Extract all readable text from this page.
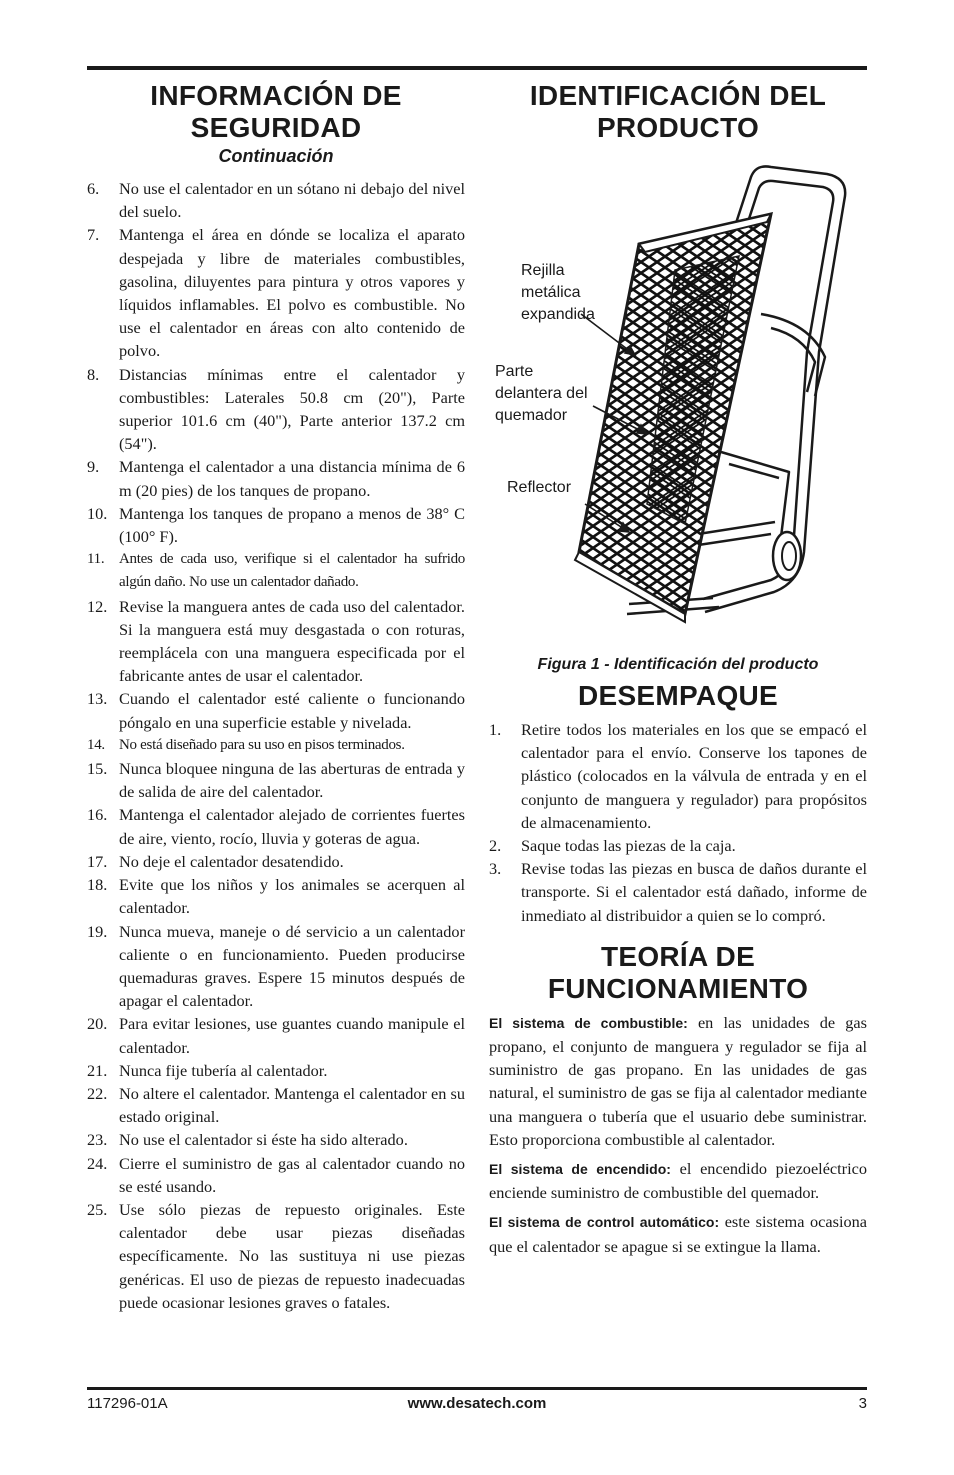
INFORMACIÓN DE
SEGURIDAD
Continuación
6. No use el calentador en un sótano ni debajo del nivel del suelo.
7. Mantenga el área en dónde se localiza el aparato despejada y libre de materiales combustibles, gasolina, diluyentes para pintura y otros vapores y líquidos inflamables. El polvo es combustible. No use el calentador en áreas con alto contenido de polvo.
8. Distancias mínimas entre el calentador y combustibles: Laterales 50.8 cm (20"), Parte superior 101.6 cm (40"), Parte anterior 137.2 cm (54").
9. Mantenga el calentador a una distancia mínima de 6 m (20 pies) de los tanques de propano.
10. Mantenga los tanques de propano a menos de 38° C (100° F).
11. Antes de cada uso, verifique si el calentador ha sufrido algún daño. No use un calentador dañado.
12. Revise la manguera antes de cada uso del calentador. Si la manguera está muy desgastada o con roturas, reemplácela con una manguera especificada por el fabricante antes de usar el calentador.
13. Cuando el calentador esté caliente o funcionando póngalo en una superficie estable y nivelada.
14. No está diseñado para su uso en pisos terminados.
15. Nunca bloquee ninguna de las aberturas de entrada y de salida de aire del calentador.
16. Mantenga el calentador alejado de corrientes fuertes de aire, viento, rocío, lluvia y goteras de agua.
17. No deje el calentador desatendido.
18. Evite que los niños y los animales se acerquen al calentador.
19. Nunca mueva, maneje o dé servicio a un calentador caliente o en funcionamiento. Pueden producirse quemaduras graves. Espere 15 minutos después de apagar el calentador.
20. Para evitar lesiones, use guantes cuando manipule el calentador.
21. Nunca fije tubería al calentador.
22. No altere el calentador. Mantenga el calentador en su estado original.
23. No use el calentador si éste ha sido alterado.
24. Cierre el suministro de gas al calentador cuando no se esté usando.
25. Use sólo piezas de repuesto originales. Este calentador debe usar piezas diseñadas específicamente. No las sustituya ni use piezas genéricas. El uso de piezas de repuesto inadecuadas puede ocasionar lesiones graves o fatales.
IDENTIFICACIÓN DEL
PRODUCTO
Rejilla
metálica
expandida
Parte
delantera del
quemador
Reflector
Figura 1 - Identificación del producto
DESEMPAQUE
1. Retire todos los materiales en los que se empacó el calentador para el envío. Conserve los tapones de plástico (colocados en la válvula de entrada y en el conjunto de manguera y regulador) para propósitos de almacenamiento.
2. Saque todas las piezas de la caja.
3. Revise todas las piezas en busca de daños durante el transporte. Si el calentador está dañado, informe de inmediato al distribuidor a quien se lo compró.
TEORÍA DE
FUNCIONAMIENTO

El sistema de combustible: en las unidades de gas propano, el conjunto de manguera y regulador se fija al suministro de gas propano. En las unidades de gas natural, el suministro de gas se fija al calentador mediante una manguera o tubería que el usuario debe suministrar. Esto proporciona combustible al calentador.

El sistema de encendido: el encendido piezoeléctrico enciende suministro de combustible del quemador.

El sistema de control automático: este sistema ocasiona que el calentador se apague si se extingue la llama.

117296-01A	www.desatech.com	3
